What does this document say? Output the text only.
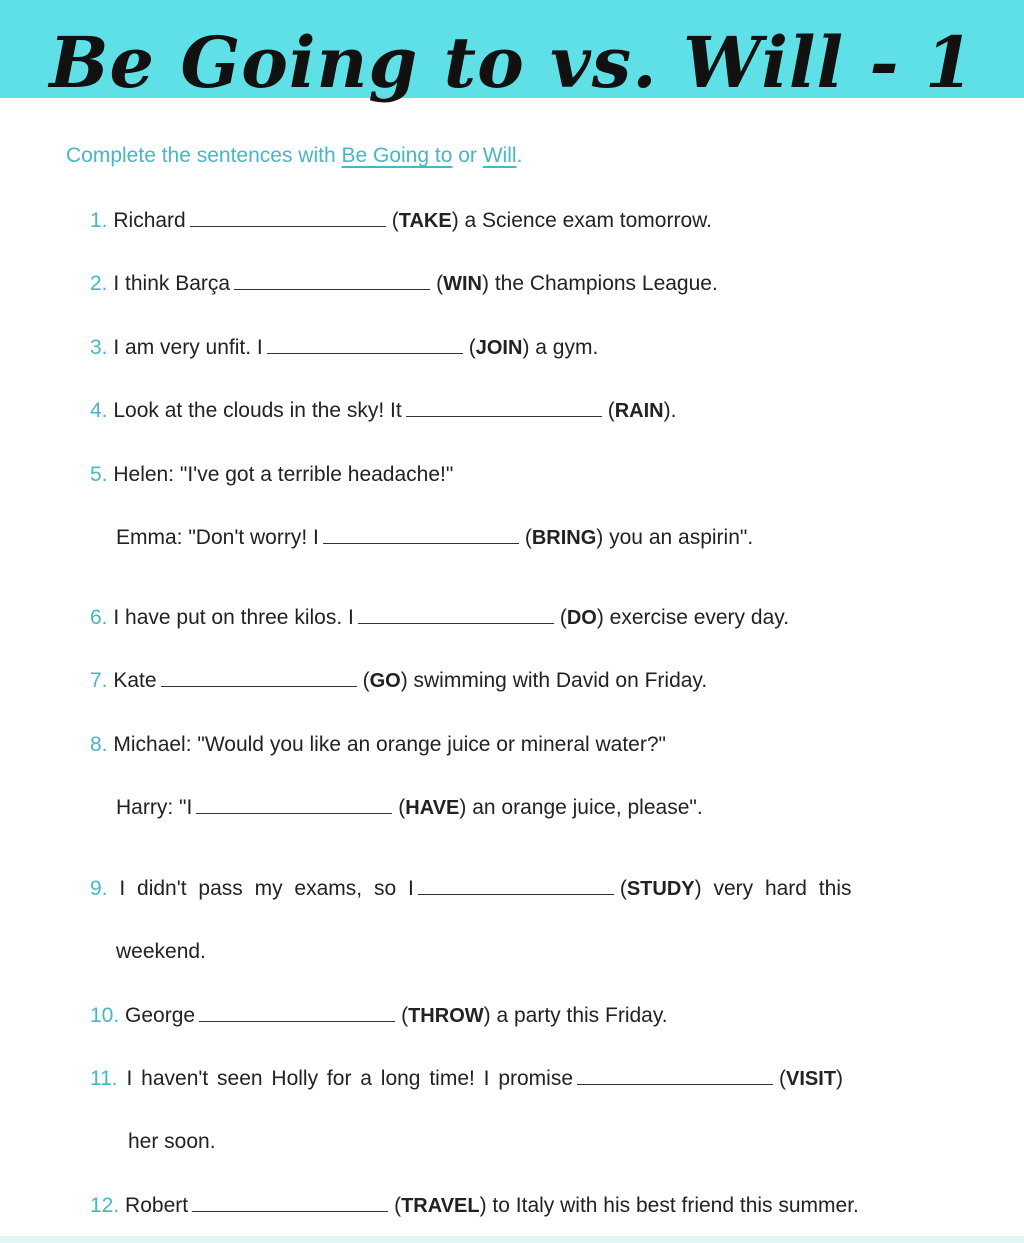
Be Going to vs. Will - 1

Complete the sentences with Be Going to or Will.

1. Richard	(TAKE) a Science exam tomorrow.
2. I think Barça	(WIN) the Champions League.
3. I am very unfit. I	(JOIN) a gym.
4. Look at the clouds in the sky! It	(RAIN).
5. Helen: "I've got a terrible headache!"
Emma: "Don't worry! I	(BRING) you an aspirin".
6. I have put on three kilos. I	(DO) exercise every day.
7. Kate	(GO) swimming with David on Friday.
8. Michael: "Would you like an orange juice or mineral water?"
Harry: "I	(HAVE) an orange juice, please".
9. I didn't pass my exams, so I	(STUDY) very hard this
weekend.
10. George	(THROW) a party this Friday.
11. I haven't seen Holly for a long time! I promise	(VISIT)
her soon.
12. Robert	(TRAVEL) to Italy with his best friend this summer.
